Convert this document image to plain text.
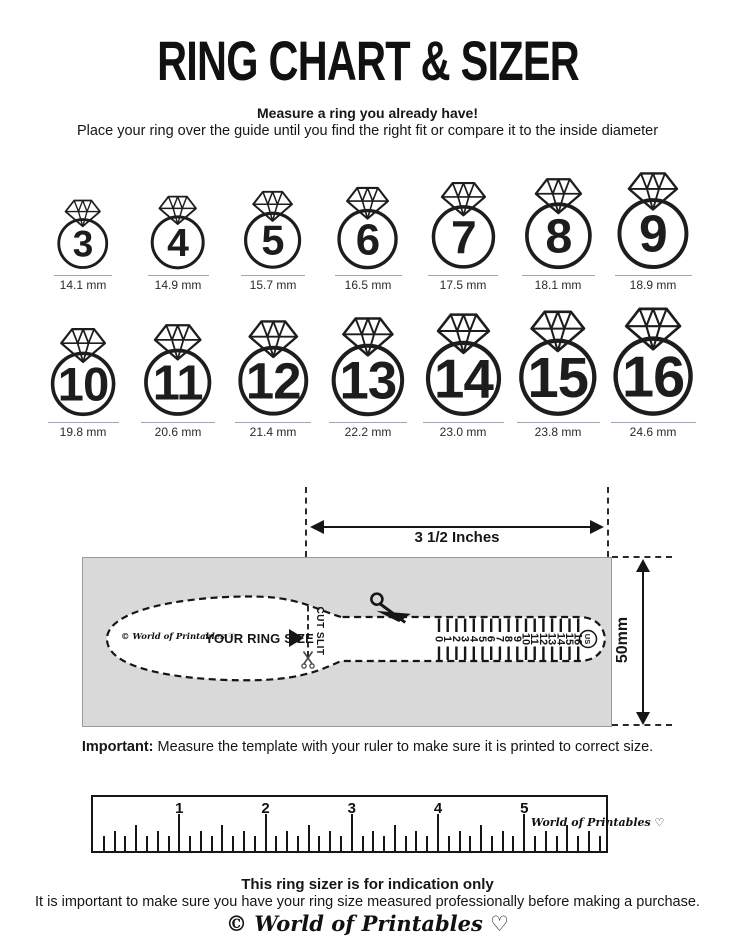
RING CHART & SIZER
Measure a ring you already have!
Place your ring over the guide until you find the right fit or compare it to the inside diameter
3
14.1 mm
4
14.9 mm
5
15.7 mm
6
16.5 mm
7
17.5 mm
8
18.1 mm
9
18.9 mm
10
19.8 mm
11
20.6 mm
12
21.4 mm
13
22.2 mm
14
23.0 mm
15
23.8 mm
16
24.6 mm
3 1/2 Inches
50mm
0
1
2
3
4
5
6
7
8
9
10
11
12
13
14
15
16 US
© World of Printables ♡
YOUR RING SIZE CUT SLIT
Important: Measure the template with your ruler to make sure it is printed to correct size.
1	2	3	4	5
World of Printables ♡
This ring sizer is for indication only
It is important to make sure you have your ring size measured professionally before making a purchase.
© World of Printables ♡
